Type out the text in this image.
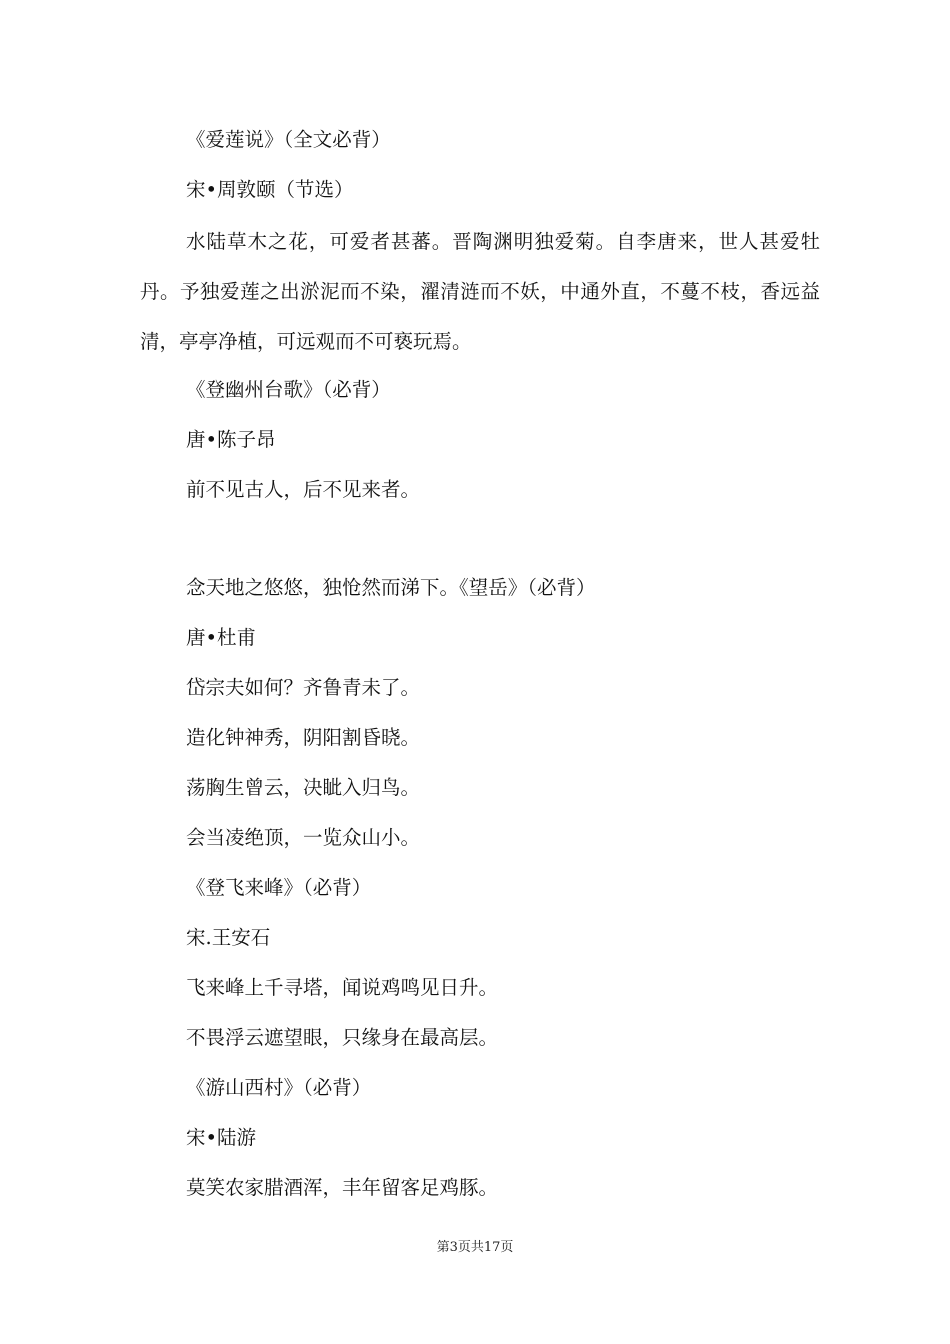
《爱莲说》（全文必背）
宋•周敦颐（节选）

水陆草木之花，可爱者甚蕃。晋陶渊明独爱菊。自李唐来，世人甚爱牡丹。予独爱莲之出淤泥而不染，濯清涟而不妖，中通外直，不蔓不枝，香远益清，亭亭净植，可远观而不可亵玩焉。

《登幽州台歌》（必背）
唐•陈子昂
前不见古人，后不见来者。
念天地之悠悠，独怆然而涕下。《望岳》（必背）
唐•杜甫
岱宗夫如何？齐鲁青未了。
造化钟神秀，阴阳割昏晓。
荡胸生曾云，决眦入归鸟。
会当凌绝顶，一览众山小。
《登飞来峰》（必背）
宋.王安石
飞来峰上千寻塔，闻说鸡鸣见日升。
不畏浮云遮望眼，只缘身在最高层。
《游山西村》（必背）
宋•陆游
莫笑农家腊酒浑，丰年留客足鸡豚。
第3页共17页
